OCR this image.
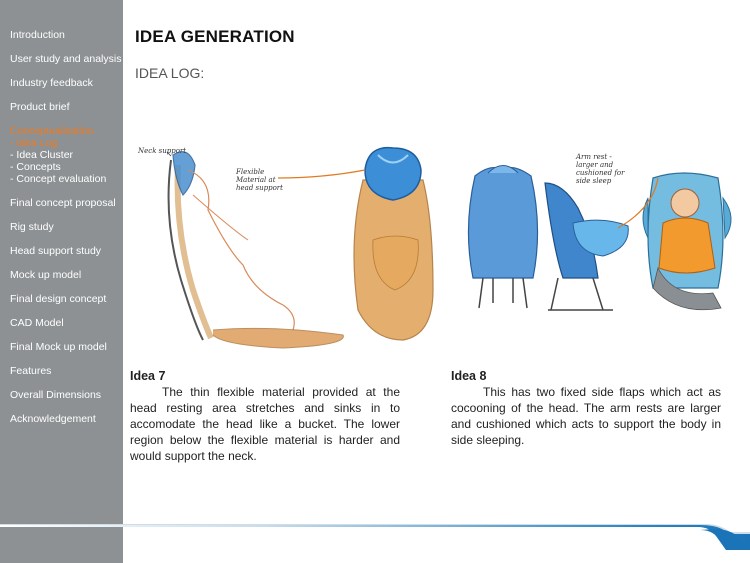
Introduction
User study and analysis
Industry feedback
Product brief
Conceptualisation
- Idea Log
- Idea Cluster
- Concepts
- Concept evaluation
Final concept proposal
Rig study
Head support study
Mock up model
Final design concept
CAD Model
Final Mock up model
Features
Overall Dimensions
Acknowledgement
IDEA GENERATION
IDEA LOG:
Neck support
Flexible Material at head support
Arm rest - larger and cushioned for side sleep
Idea 7
The thin flexible material provided at the head resting area stretches and sinks in to accomodate the head like a bucket. The lower region below the flexible material is harder and would support the neck.
Idea 8
This has two fixed side flaps which act as cocooning of the head. The arm rests are larger and cushioned which acts to support the body in side sleeping.
